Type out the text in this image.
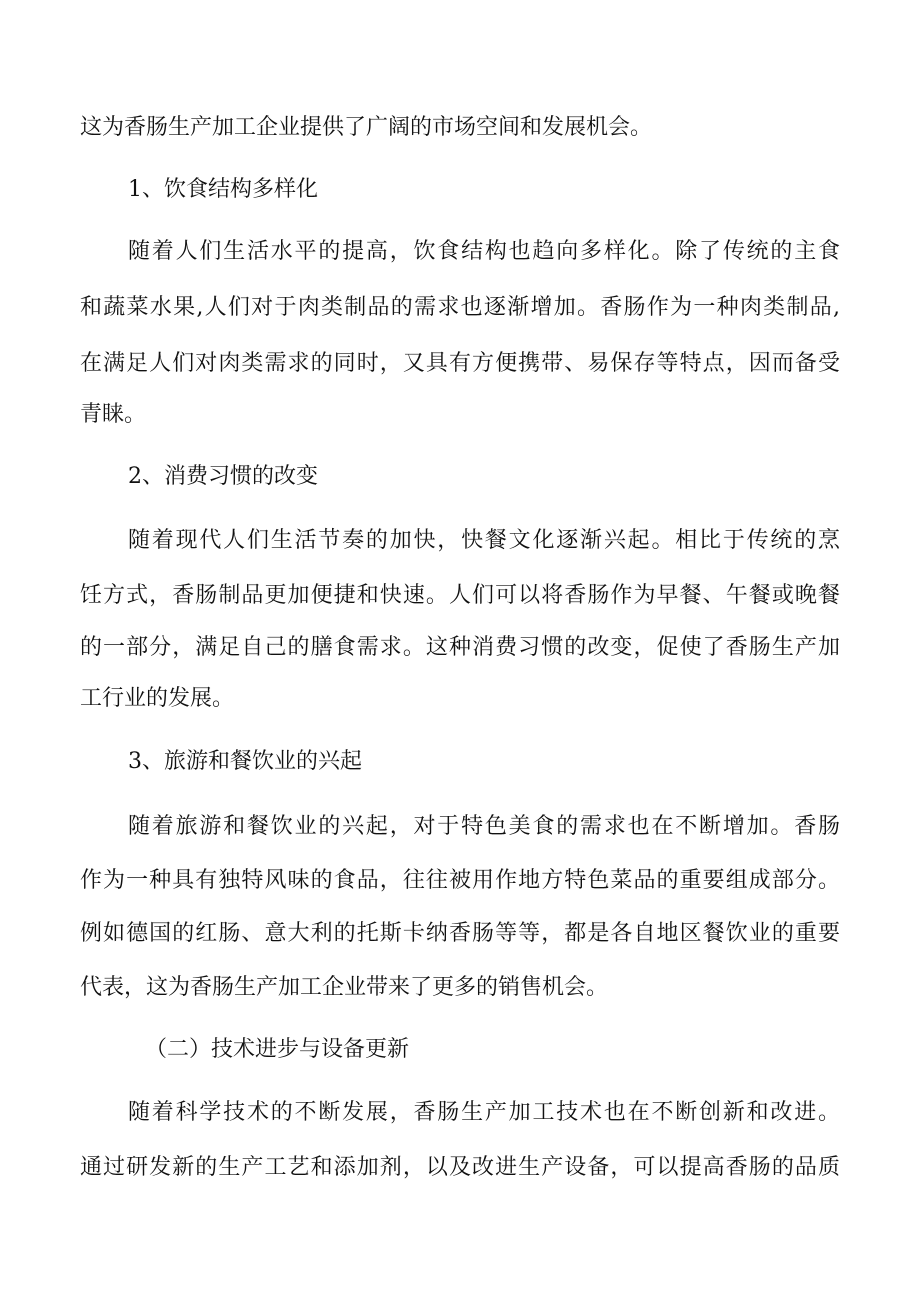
这为香肠生产加工企业提供了广阔的市场空间和发展机会。
1、饮食结构多样化
随着人们生活水平的提高，饮食结构也趋向多样化。除了传统的主食
和蔬菜水果,人们对于肉类制品的需求也逐渐增加。香肠作为一种肉类制品,
在满足人们对肉类需求的同时，又具有方便携带、易保存等特点，因而备受
青睐。
2、消费习惯的改变
随着现代人们生活节奏的加快，快餐文化逐渐兴起。相比于传统的烹
饪方式，香肠制品更加便捷和快速。人们可以将香肠作为早餐、午餐或晚餐
的一部分，满足自己的膳食需求。这种消费习惯的改变，促使了香肠生产加
工行业的发展。
3、旅游和餐饮业的兴起
随着旅游和餐饮业的兴起，对于特色美食的需求也在不断增加。香肠
作为一种具有独特风味的食品，往往被用作地方特色菜品的重要组成部分。
例如德国的红肠、意大利的托斯卡纳香肠等等，都是各自地区餐饮业的重要
代表，这为香肠生产加工企业带来了更多的销售机会。
（二）技术进步与设备更新
随着科学技术的不断发展，香肠生产加工技术也在不断创新和改进。
通过研发新的生产工艺和添加剂，以及改进生产设备，可以提高香肠的品质
